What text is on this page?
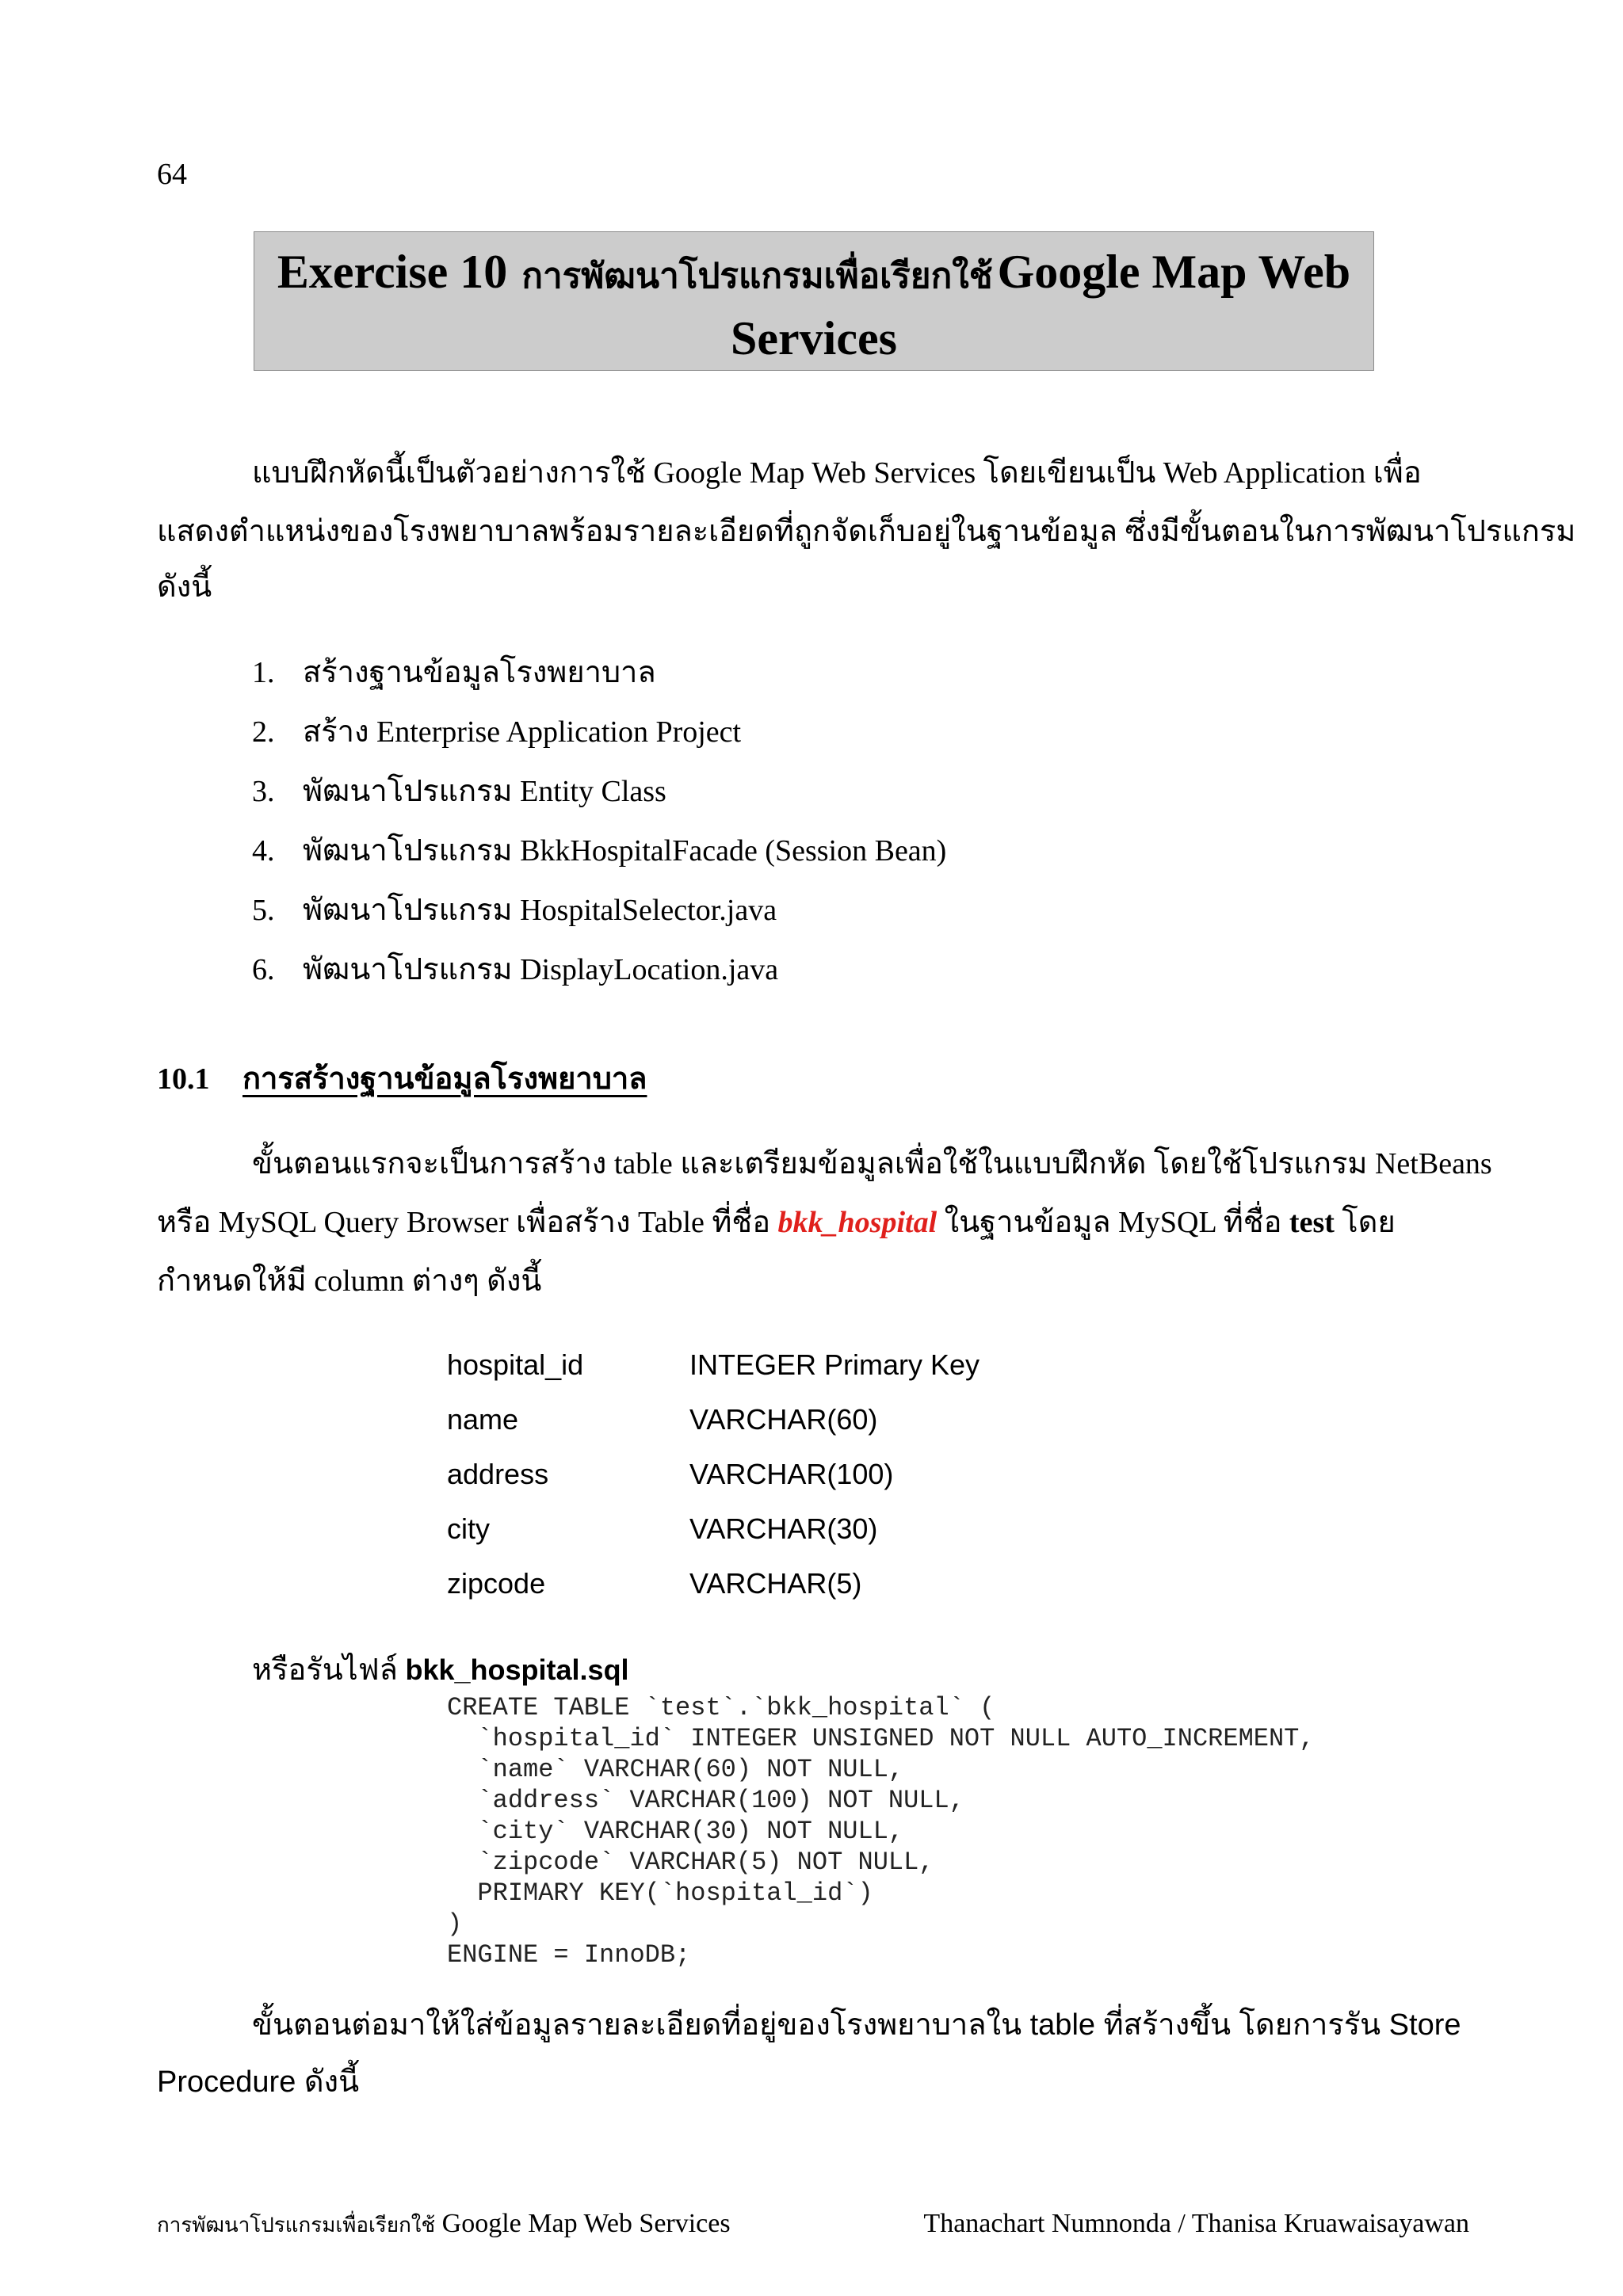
64
Exercise 10 การพัฒนาโปรแกรมเพื่อเรียกใช้ Google Map Web
Services
แบบฝึกหัดนี้เป็นตัวอย่างการใช้ Google Map Web Services โดยเขียนเป็น Web Application เพื่อ
แสดงตำแหน่งของโรงพยาบาลพร้อมรายละเอียดที่ถูกจัดเก็บอยู่ในฐานข้อมูล ซึ่งมีขั้นตอนในการพัฒนาโปรแกรม
ดังนี้
1. สร้างฐานข้อมูลโรงพยาบาล
2. สร้าง Enterprise Application Project
3. พัฒนาโปรแกรม Entity Class
4. พัฒนาโปรแกรม BkkHospitalFacade (Session Bean)
5. พัฒนาโปรแกรม HospitalSelector.java
6. พัฒนาโปรแกรม DisplayLocation.java
10.1 การสร้างฐานข้อมูลโรงพยาบาล
ขั้นตอนแรกจะเป็นการสร้าง table และเตรียมข้อมูลเพื่อใช้ในแบบฝึกหัด โดยใช้โปรแกรม NetBeans
หรือ MySQL Query Browser เพื่อสร้าง Table ที่ชื่อ bkk_hospital ในฐานข้อมูล MySQL ที่ชื่อ test โดย
กำหนดให้มี column ต่างๆ ดังนี้
hospital_id	INTEGER Primary Key
name	VARCHAR(60)
address	VARCHAR(100)
city	VARCHAR(30)
zipcode	VARCHAR(5)
หรือรันไฟล์ bkk_hospital.sql
CREATE TABLE `test`.`bkk_hospital` (
`hospital_id` INTEGER UNSIGNED NOT NULL AUTO_INCREMENT,
`name` VARCHAR(60) NOT NULL,
`address` VARCHAR(100) NOT NULL,
`city` VARCHAR(30) NOT NULL,
`zipcode` VARCHAR(5) NOT NULL,
PRIMARY KEY(`hospital_id`)
)
ENGINE = InnoDB;
ขั้นตอนต่อมาให้ใส่ข้อมูลรายละเอียดที่อยู่ของโรงพยาบาลใน table ที่สร้างขึ้น โดยการรัน Store
Procedure ดังนี้
การพัฒนาโปรแกรมเพื่อเรียกใช้ Google Map Web Services	Thanachart Numnonda / Thanisa Kruawaisayawan
